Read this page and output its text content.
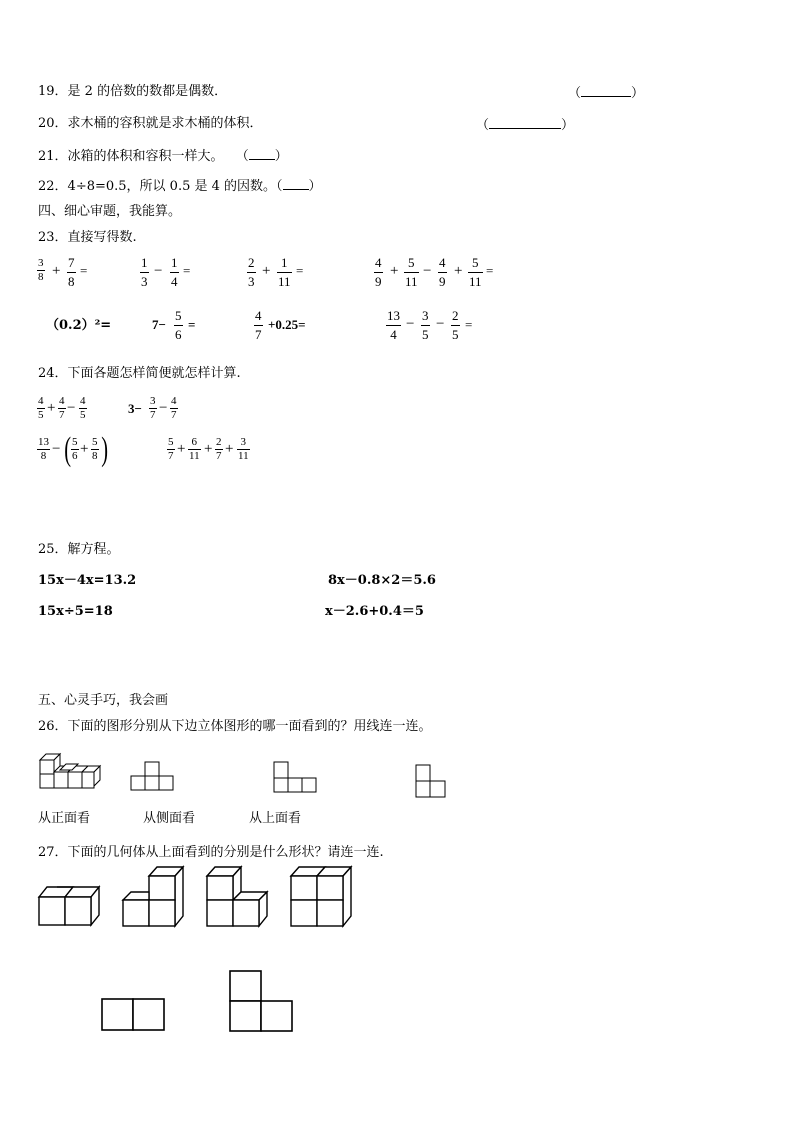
19．是 2 的倍数的数都是偶数．	（	）
20．求木桶的容积就是求木桶的体积．	（	）
21．冰箱的体积和容积一样大。 （ ）
22．4÷8=0.5，所以 0.5 是 4 的因数。（ ）
四、细心审题，我能算。
23．直接写得数.
3
8 +
7
8
=
1
3
−
1
4
=
2
3
+
1
11
=
4
9
+
5
11
−
4
9
+
5
11
=
（0.2）²=	7−
5
6
=
4
7
+0.25=
13
4
−
3
5
−
2
5
=
24．下面各题怎样简便就怎样计算.
4
5 + 4
7 − 4
5	3− 3
7 − 4
7
13
8 − ( 5
6 + 5
8 )	5
7 + 6
11 + 2
7 + 3
11
25．解方程。
15x－4x=13.2	8x－0.8×2＝5.6
15x÷5=18	x－2.6+0.4＝5
五、心灵手巧，我会画
26．下面的图形分别从下边立体图形的哪一面看到的？用线连一连。
从正面看	从侧面看	从上面看
27．下面的几何体从上面看到的分别是什么形状？请连一连.
